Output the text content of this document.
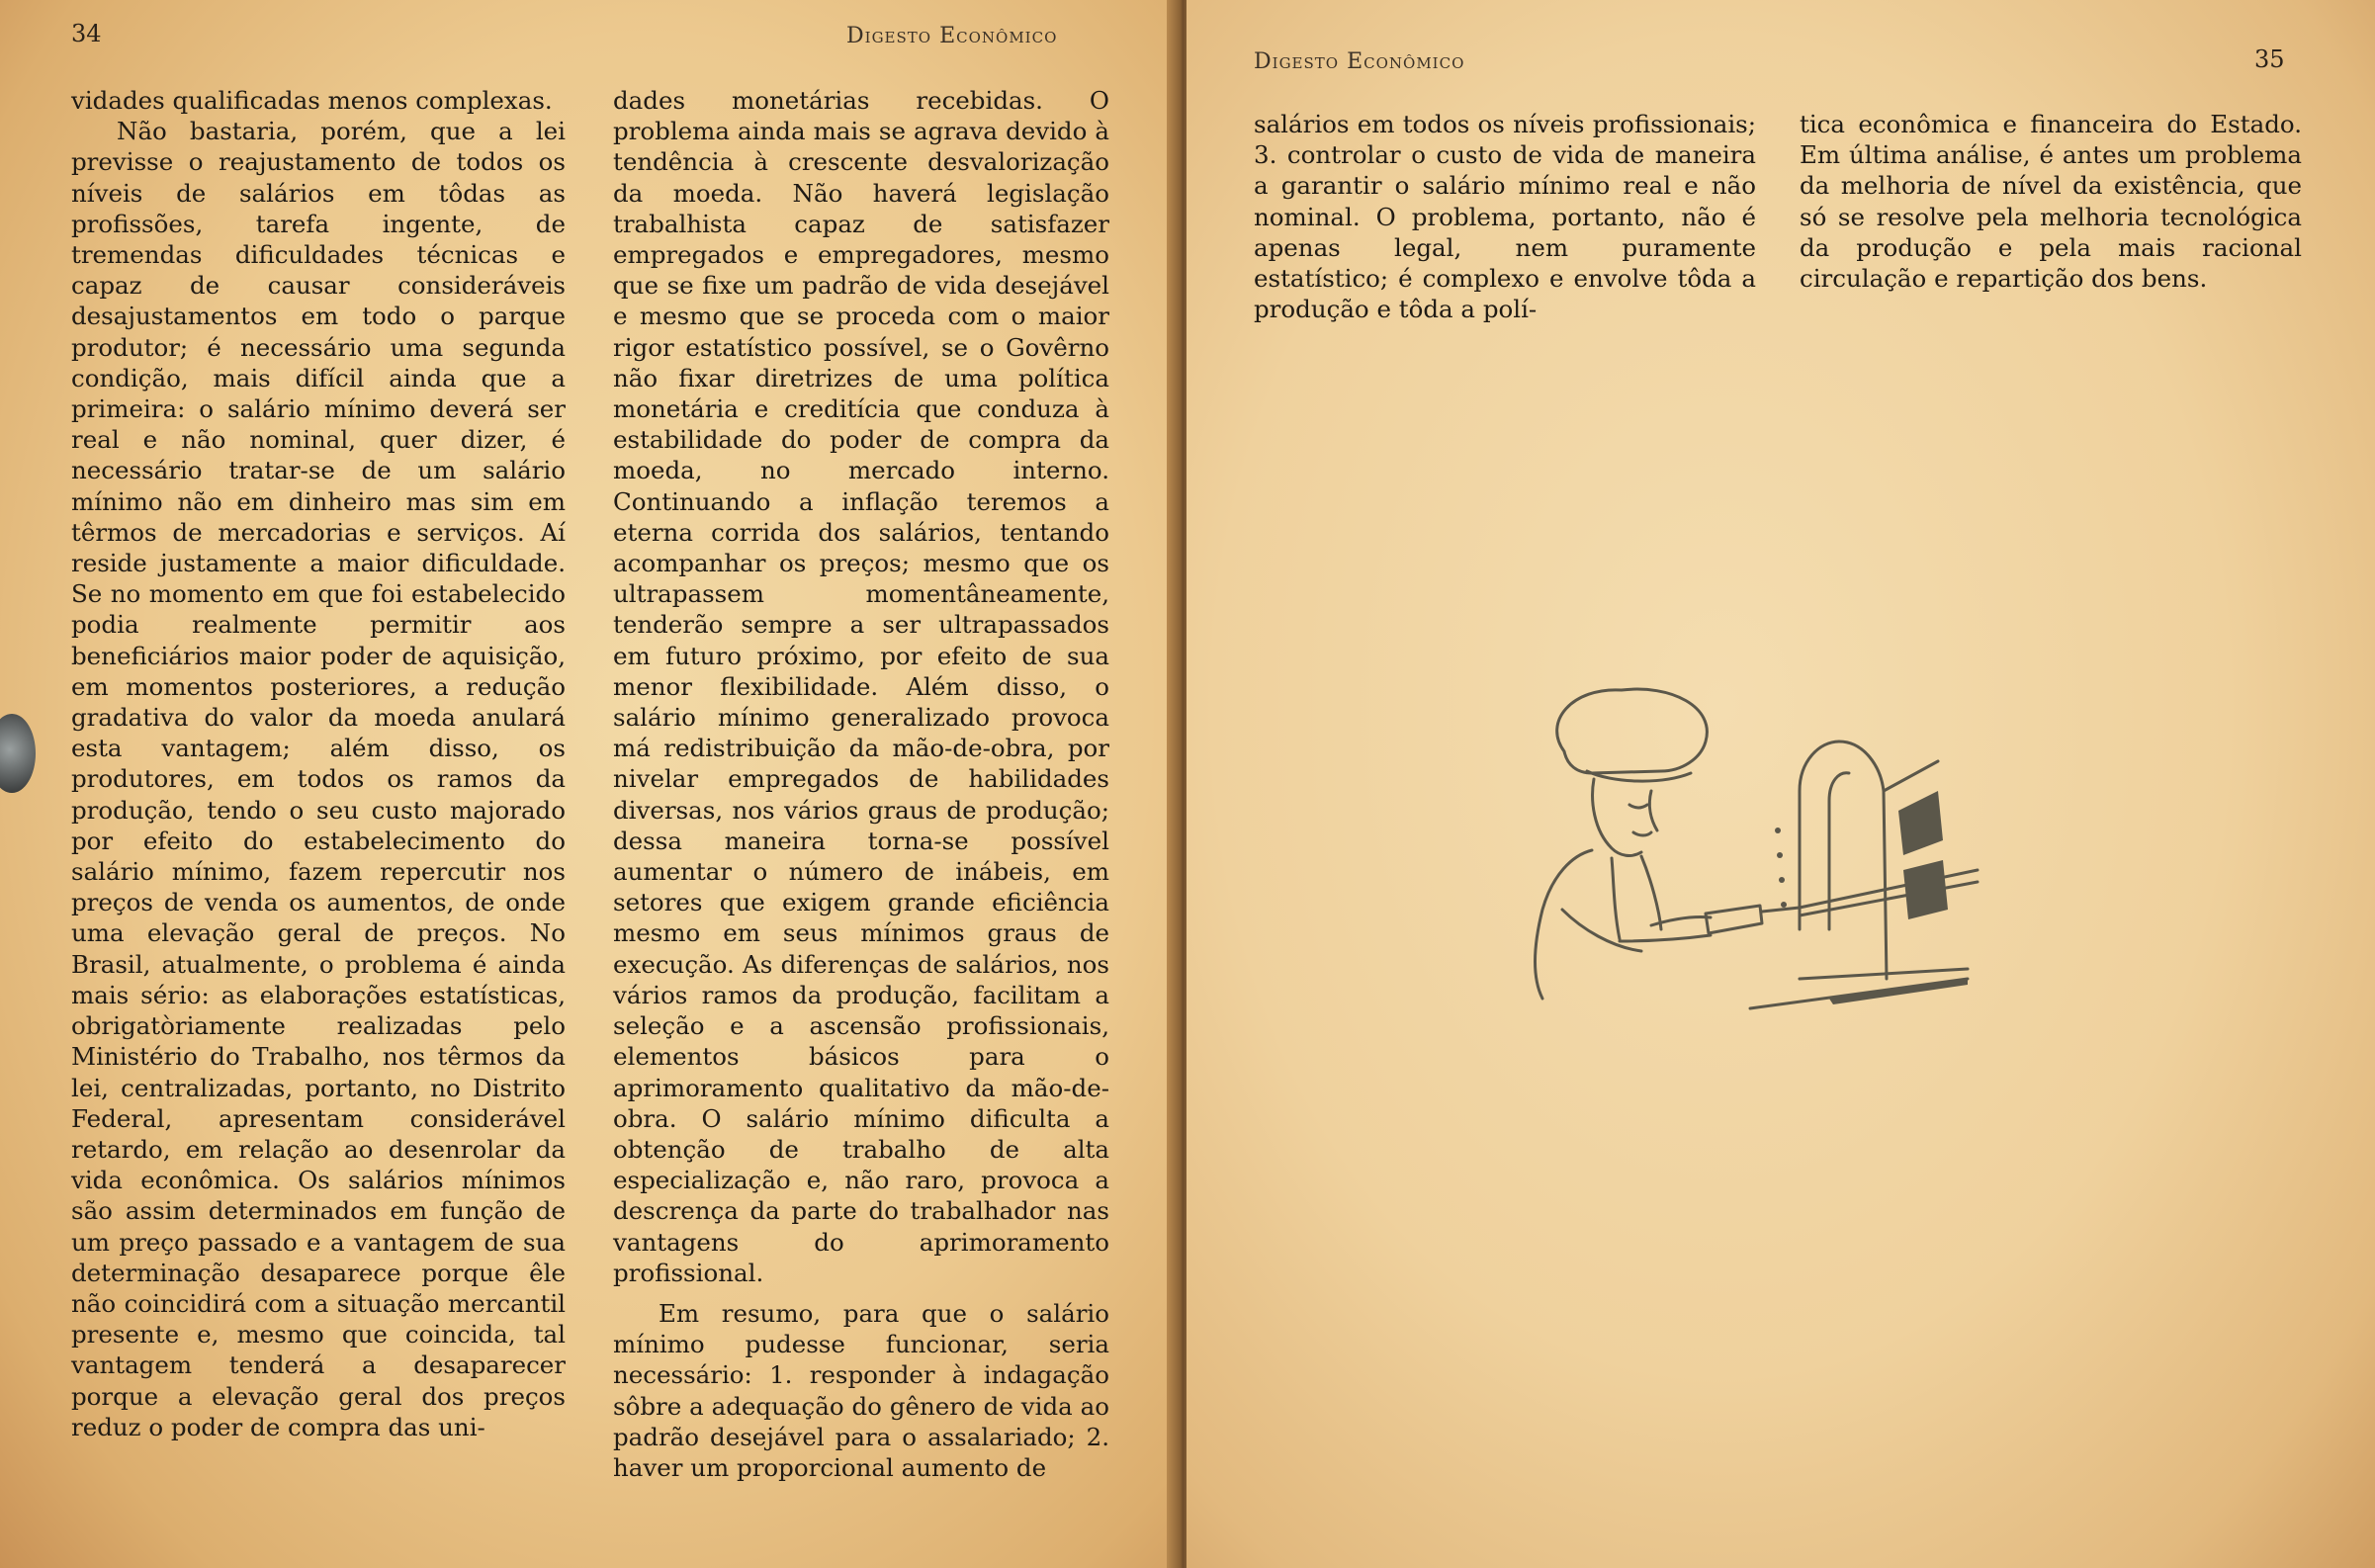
34	Digesto Econômico

vidades qualificadas menos complexas.

Não bastaria, porém, que a lei previsse o reajustamento de todos os níveis de salários em tôdas as profissões, tarefa ingente, de tremendas dificuldades técnicas e capaz de causar consideráveis desajustamentos em todo o parque produtor; é necessário uma segunda condição, mais difícil ainda que a primeira: o salário mínimo deverá ser real e não nominal, quer dizer, é necessário tratar-se de um salário mínimo não em dinheiro mas sim em têrmos de mercadorias e serviços. Aí reside justamente a maior dificuldade. Se no momento em que foi estabelecido podia realmente permitir aos beneficiários maior poder de aquisição, em momentos posteriores, a redução gradativa do valor da moeda anulará esta vantagem; além disso, os produtores, em todos os ramos da produção, tendo o seu custo majorado por efeito do estabelecimento do salário mínimo, fazem repercutir nos preços de venda os aumentos, de onde uma elevação geral de preços. No Brasil, atualmente, o problema é ainda mais sério: as elaborações estatísticas, obrigatòriamente realizadas pelo Ministério do Trabalho, nos têrmos da lei, centralizadas, portanto, no Distrito Federal, apresentam considerável retardo, em relação ao desenrolar da vida econômica. Os salários mínimos são assim determinados em função de um preço passado e a vantagem de sua determinação desaparece porque êle não coincidirá com a situação mercantil presente e, mesmo que coincida, tal vantagem tenderá a desaparecer porque a elevação geral dos preços reduz o poder de compra das uni-

dades monetárias recebidas. O problema ainda mais se agrava devido à tendência à crescente desvalorização da moeda. Não haverá legislação trabalhista capaz de satisfazer empregados e empregadores, mesmo que se fixe um padrão de vida desejável e mesmo que se proceda com o maior rigor estatístico possível, se o Govêrno não fixar diretrizes de uma política monetária e creditícia que conduza à estabilidade do poder de compra da moeda, no mercado interno. Continuando a inflação teremos a eterna corrida dos salários, tentando acompanhar os preços; mesmo que os ultrapassem momentâneamente, tenderão sempre a ser ultrapassados em futuro próximo, por efeito de sua menor flexibilidade. Além disso, o salário mínimo generalizado provoca má redistribuição da mão-de-obra, por nivelar empregados de habilidades diversas, nos vários graus de produção; dessa maneira torna-se possível aumentar o número de inábeis, em setores que exigem grande eficiência mesmo em seus mínimos graus de execução. As diferenças de salários, nos vários ramos da produção, facilitam a seleção e a ascensão profissionais, elementos básicos para o aprimoramento qualitativo da mão-de-obra. O salário mínimo dificulta a obtenção de trabalho de alta especialização e, não raro, provoca a descrença da parte do trabalhador nas vantagens do aprimoramento profissional.

Em resumo, para que o salário mínimo pudesse funcionar, seria necessário: 1. responder à indagação sôbre a adequação do gênero de vida ao padrão desejável para o assalariado; 2. haver um proporcional aumento de

Digesto Econômico	35

salários em todos os níveis profissionais; 3. controlar o custo de vida de maneira a garantir o salário mínimo real e não nominal. O problema, portanto, não é apenas legal, nem puramente estatístico; é complexo e envolve tôda a produção e tôda a polí-

tica econômica e financeira do Estado. Em última análise, é antes um problema da melhoria de nível da existência, que só se resolve pela melhoria tecnológica da produção e pela mais racional circulação e repartição dos bens.
